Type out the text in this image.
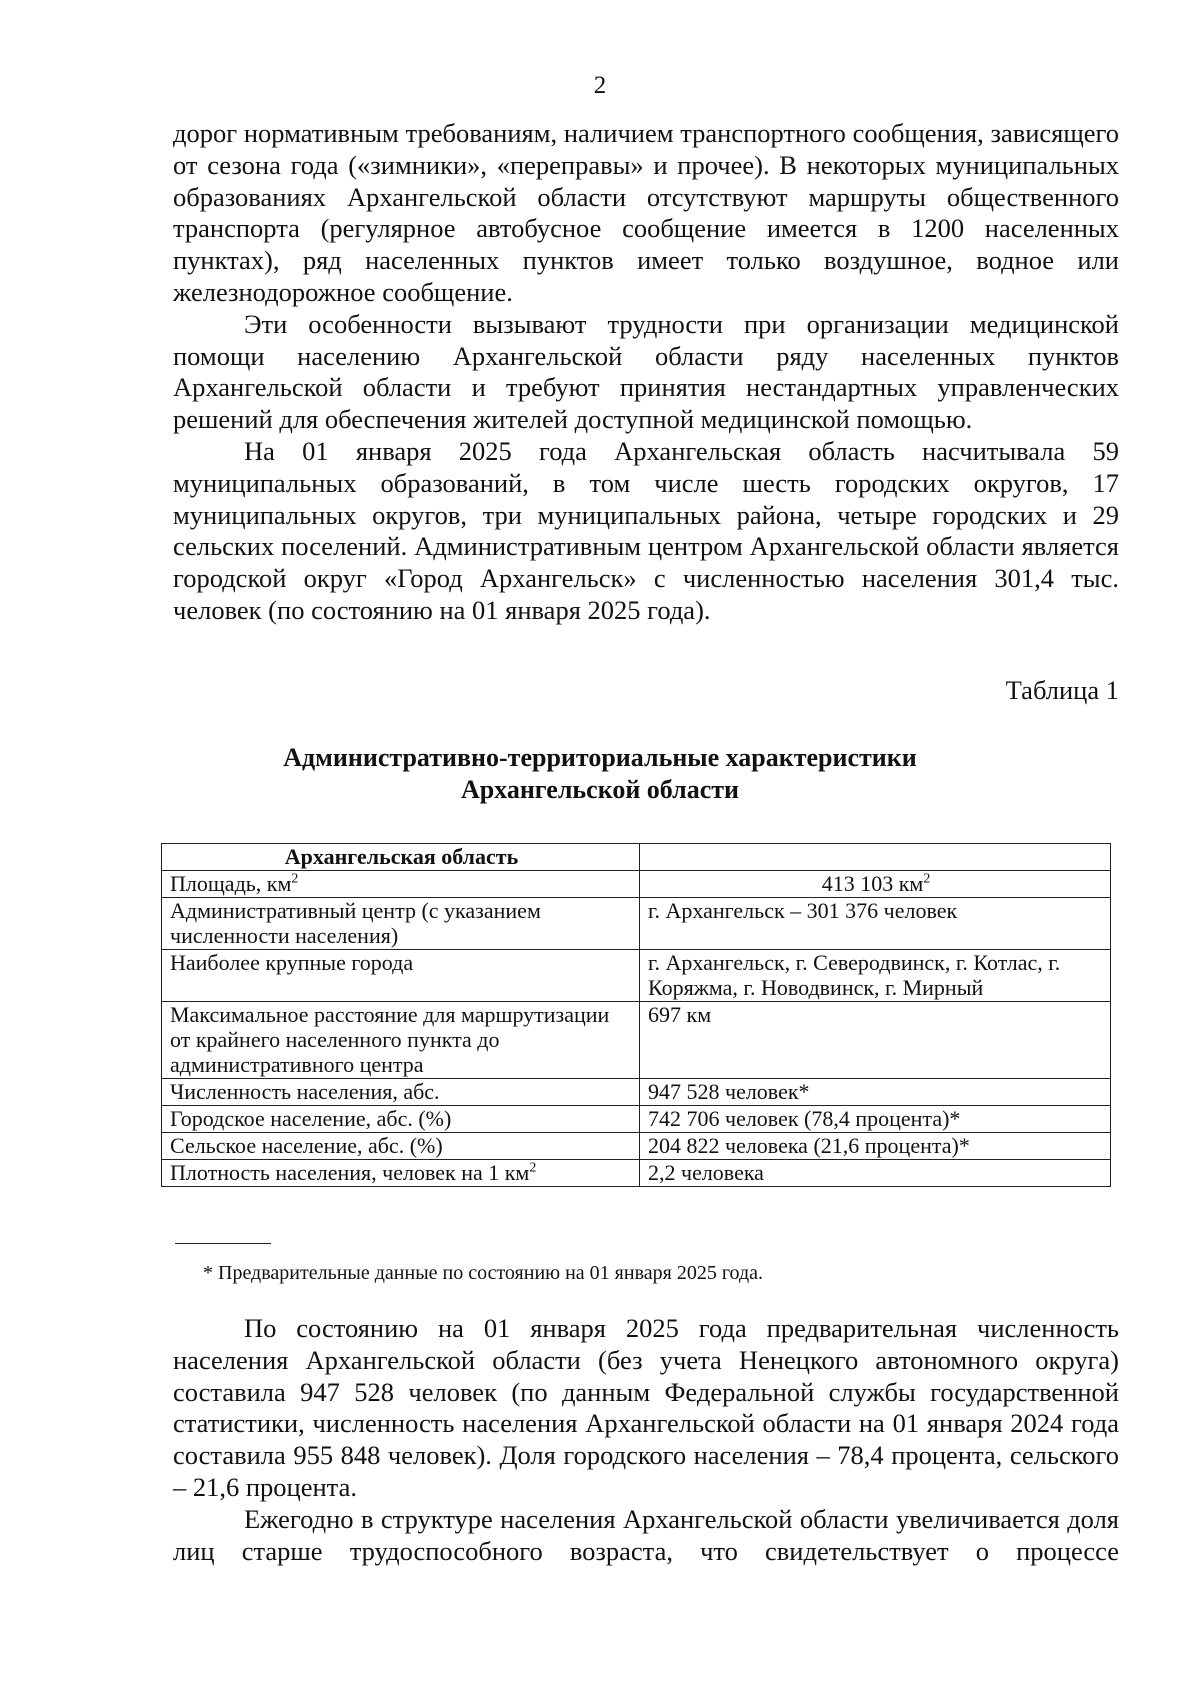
2

дорог нормативным требованиям, наличием транспортного сообщения, зависящего от сезона года («зимники», «переправы» и прочее). В некоторых муниципальных образованиях Архангельской области отсутствуют маршруты общественного транспорта (регулярное автобусное сообщение имеется в 1200 населенных пунктах), ряд населенных пунктов имеет только воздушное, водное или железнодорожное сообщение.

Эти особенности вызывают трудности при организации медицинской помощи населению Архангельской области ряду населенных пунктов Архангельской области и требуют принятия нестандартных управленческих решений для обеспечения жителей доступной медицинской помощью.

На 01 января 2025 года Архангельская область насчитывала 59 муниципальных образований, в том числе шесть городских округов, 17 муниципальных округов, три муниципальных района, четыре городских и 29 сельских поселений. Административным центром Архангельской области является городской округ «Город Архангельск» с численностью населения 301,4 тыс. человек (по состоянию на 01 января 2025 года).

Таблица 1
Административно-территориальные характеристики
Архангельской области
Архангельская область	
Площадь, $км^2$	413 103 $км^2$
Административный центр (с указанием численности населения)	г. Архангельск – 301 376 человек
Наиболее крупные города	г. Архангельск, г. Северодвинск, г. Котлас, г. Коряжма, г. Новодвинск, г. Мирный
Максимальное расстояние для маршрутизации от крайнего населенного пункта до административного центра	697 км
Численность населения, абс.	947 528 человек*
Городское население, абс. (%)	742 706 человек (78,4 процента)*
Сельское население, абс. (%)	204 822 человека (21,6 процента)*
Плотность населения, человек на 1 $км^2$	2,2 человека
* Предварительные данные по состоянию на 01 января 2025 года.

По состоянию на 01 января 2025 года предварительная численность населения Архангельской области (без учета Ненецкого автономного округа) составила 947 528 человек (по данным Федеральной службы государственной статистики, численность населения Архангельской области на 01 января 2024 года составила 955 848 человек). Доля городского населения – 78,4 процента, сельского – 21,6 процента.

Ежегодно в структуре населения Архангельской области увеличивается доля лиц старше трудоспособного возраста, что свидетельствует о процессе
